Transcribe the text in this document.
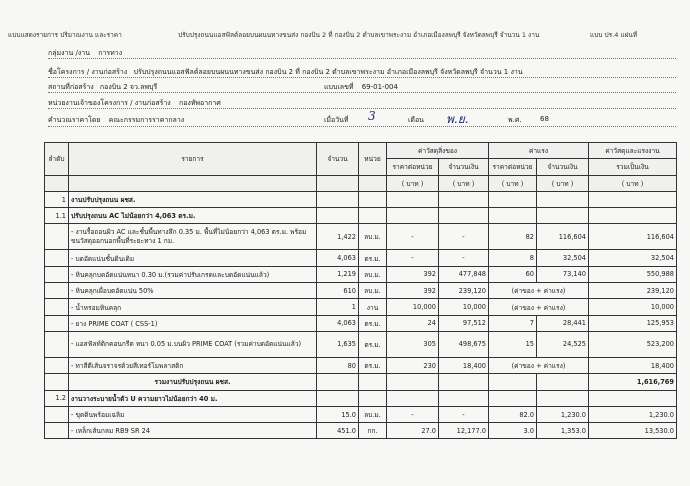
แบบแสดงรายการ ปริมาณงาน และราคา	ปรับปรุงถนนแอสฟัลต์ลอยบนผนนทางขนส่ง กองบิน 2 ที่ กองบิน 2 ตำบลเขาพระงาม อำเภอเมืองลพบุรี จังหวัดลพบุรี จำนวน 1 งาน	แบบ ปร.4 แผ่นที่
กลุ่มงาน /งาน การทาง
ชื่อโครงการ / งานก่อสร้าง ปรับปรุงถนนแอสฟัลต์ลอยบนผนนทางขนส่ง กองบิน 2 ที่ กองบิน 2 ตำบลเขาพระงาม อำเภอเมืองลพบุรี จังหวัดลพบุรี จำนวน 1 งาน
สถานที่ก่อสร้าง กองบิน 2 จว.ลพบุรี	แบบเลขที่ 69-01-004
หน่วยงานเจ้าของโครงการ / งานก่อสร้าง กองทัพอากาศ
คำนวณราคาโดย คณะกรรมการราคากลาง	เมื่อวันที่ 3	เดือน พ.ย.	พ.ศ.	68
ลำดับ	รายการ	จำนวน	หน่วย	ค่าวัสดุสิ่งของ		ค่าแรง		ค่าวัสดุและแรงงาน
				ราคาต่อหน่วย	จำนวนเงิน	ราคาต่อหน่วย	จำนวนเงิน	รวมเป็นเงิน
				( บาท )	( บาท )	( บาท )	( บาท )	( บาท )
1	งานปรับปรุงถนน ผชส.							
1.1	ปรับปรุงถนน AC ไม่น้อยกว่า 4,063 ตร.ม.							
	- งานรื้อถอนผิว AC และชั้นพื้นทางลึก 0.35 ม. พื้นที่ไม่น้อยกว่า 4,063 ตร.ม. พร้อมขนวัสดุออกนอกพื้นที่ระยะทาง 1 กม.	1,422	ลบ.ม.	-	-	82	116,604	116,604
	- บดอัดแน่นชั้นดินเดิม	4,063	ตร.ม.	-	-	8	32,504	32,504
	- หินคลุกบดอัดแน่นหนา 0.30 ม.(รวมค่าปรับเกรดและบดอัดแน่นแล้ว)	1,219	ลบ.ม.	392	477,848	60	73,140	550,988
	- หินคลุกเผื่อบดอัดแน่น 50%	610	ลบ.ม.	392	239,120	(ค่าของ + ค่าแรง)		239,120
	- น้ำหรอมหินคลุก	1	งาน	10,000	10,000	(ค่าของ + ค่าแรง)		10,000
	- ยาง PRIME COAT ( CSS-1)	4,063	ตร.ม.	24	97,512	7	28,441	125,953
	- แอสฟัลท์ติกคอนกรีต หนา 0.05 ม.บนผิว PRIME COAT (รวมค่าบดอัดแน่นแล้ว)	1,635	ตร.ม.	305	498,675	15	24,525	523,200
	- ทาสีตีเส้นจราจรด้วยสีเทอร์โมพลาสติก	80	ตร.ม.	230	18,400	(ค่าของ + ค่าแรง)		18,400
	รวมงานปรับปรุงถนน ผชส.							1,616,769
1.2	งานวางระบายน้ำตัว U ความยาวไม่น้อยกว่า 40 ม.							
	- ขุดดินพร้อมเฉลิม	15.0	ลบ.ม.	-	-	82.0	1,230.0	1,230.0
	- เหล็กเส้นกลม RB9 SR 24	451.0	กก.	27.0	12,177.0	3.0	1,353.0	13,530.0
